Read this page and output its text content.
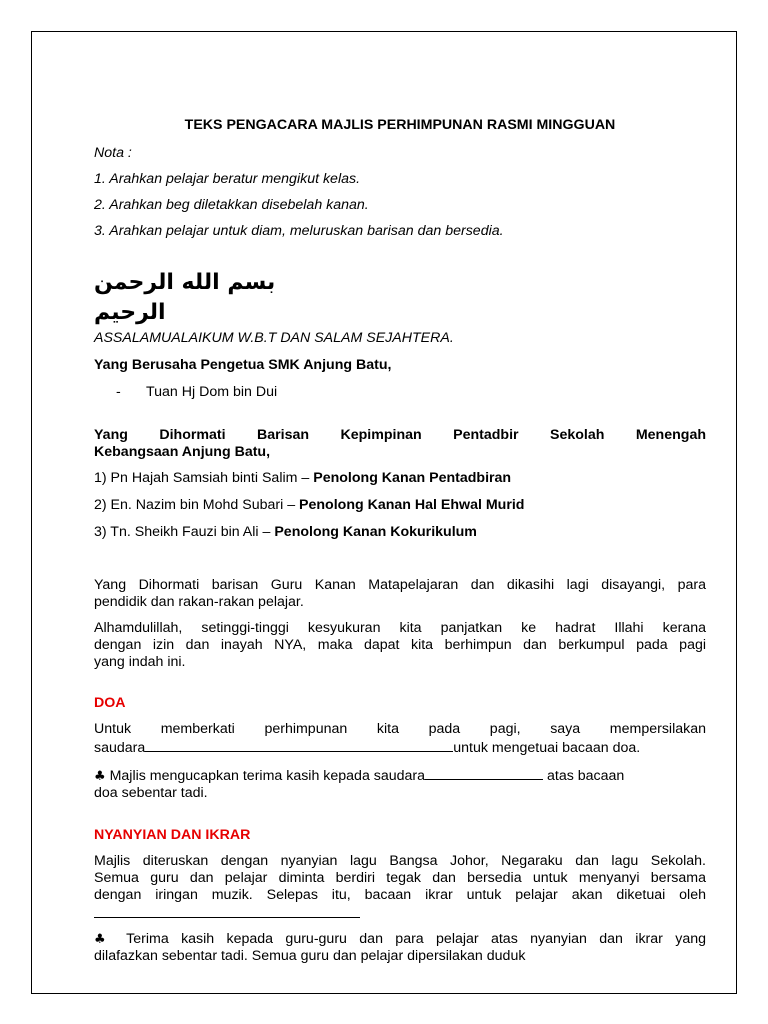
TEKS PENGACARA MAJLIS PERHIMPUNAN RASMI MINGGUAN

Nota :

1. Arahkan pelajar beratur mengikut kelas.

2. Arahkan beg diletakkan disebelah kanan.

3. Arahkan pelajar untuk diam, meluruskan barisan dan bersedia.

بسم الله الرحمن الرحيم

ASSALAMUALAIKUM W.B.T DAN SALAM SEJAHTERA.

Yang Berusaha Pengetua SMK Anjung Batu,

- Tuan Hj Dom bin Dui

Yang Dihormati Barisan Kepimpinan Pentadbir Sekolah Menengah

Kebangsaan Anjung Batu,

1) Pn Hajah Samsiah binti Salim – Penolong Kanan Pentadbiran

2) En. Nazim bin Mohd Subari – Penolong Kanan Hal Ehwal Murid

3) Tn. Sheikh Fauzi bin Ali – Penolong Kanan Kokurikulum

Yang Dihormati barisan Guru Kanan Matapelajaran dan dikasihi lagi disayangi, para

pendidik dan rakan-rakan pelajar.

Alhamdulillah, setinggi-tinggi kesyukuran kita panjatkan ke hadrat Illahi kerana

dengan izin dan inayah NYA, maka dapat kita berhimpun dan berkumpul pada pagi

yang indah ini.

DOA

Untuk memberkati perhimpunan kita pada pagi, saya mempersilakan

saudara	untuk mengetuai bacaan doa.

♣ Majlis mengucapkan terima kasih kepada saudara	atas bacaan

doa sebentar tadi.

NYANYIAN DAN IKRAR

Majlis diteruskan dengan nyanyian lagu Bangsa Johor, Negaraku dan lagu Sekolah.

Semua guru dan pelajar diminta berdiri tegak dan bersedia untuk menyanyi bersama

dengan iringan muzik. Selepas itu, bacaan ikrar untuk pelajar akan diketuai oleh

♣ Terima kasih kepada guru-guru dan para pelajar atas nyanyian dan ikrar yang

dilafazkan sebentar tadi. Semua guru dan pelajar dipersilakan duduk
